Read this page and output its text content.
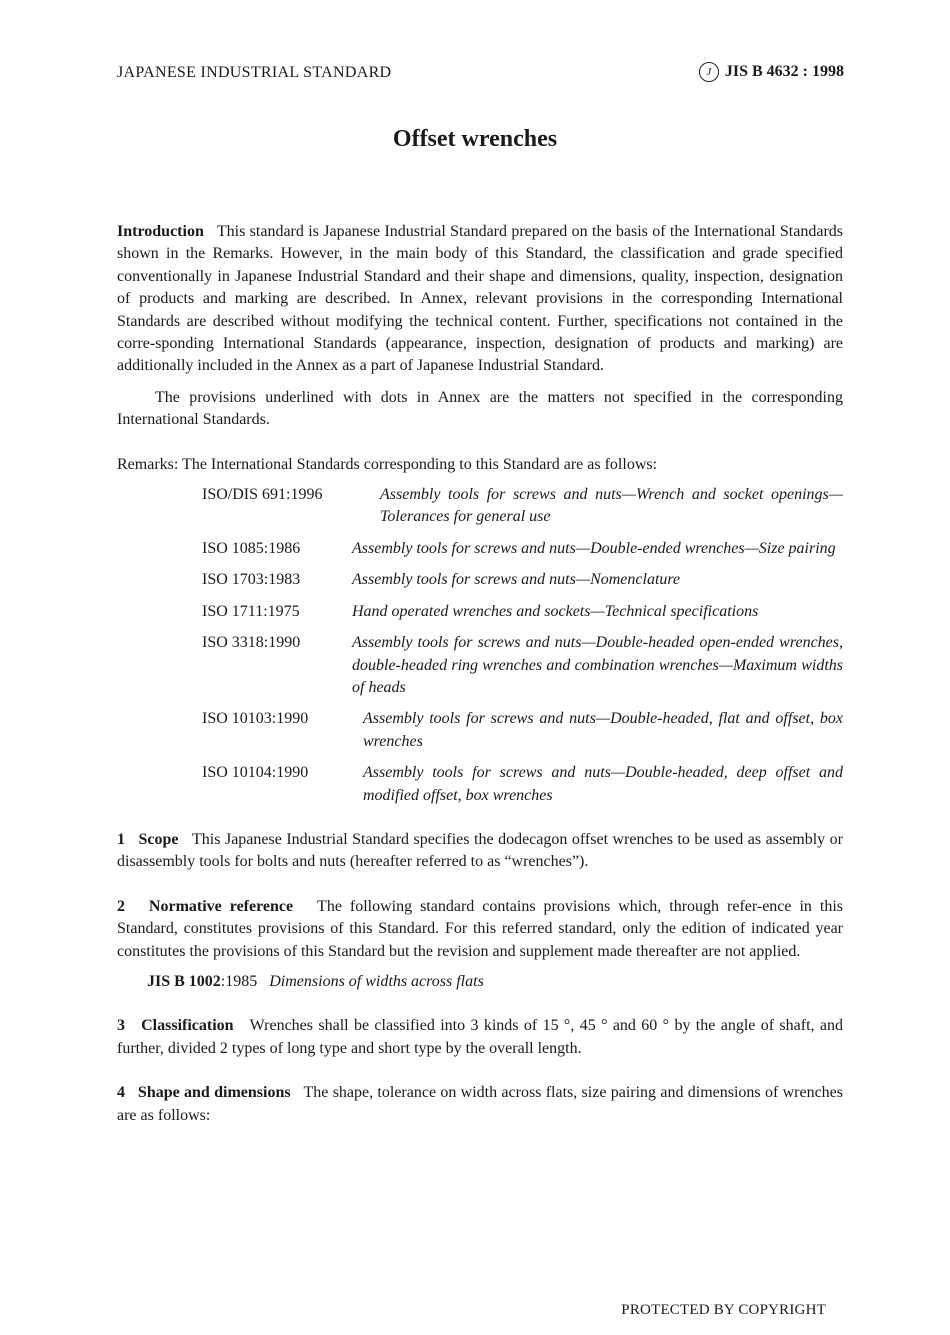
JAPANESE INDUSTRIAL STANDARD	J JIS B 4632 : 1998
Offset wrenches

Introduction This standard is Japanese Industrial Standard prepared on the basis of the International Standards shown in the Remarks. However, in the main body of this Standard, the classification and grade specified conventionally in Japanese Industrial Standard and their shape and dimensions, quality, inspection, designation of products and marking are described. In Annex, relevant provisions in the corresponding International Standards are described without modifying the technical content. Further, specifications not contained in the corre-sponding International Standards (appearance, inspection, designation of products and marking) are additionally included in the Annex as a part of Japanese Industrial Standard.

The provisions underlined with dots in Annex are the matters not specified in the corresponding International Standards.

Remarks: The International Standards corresponding to this Standard are as follows:

ISO/DIS 691:1996	Assembly tools for screws and nuts—Wrench and socket openings—Tolerances for general use
ISO 1085:1986	Assembly tools for screws and nuts—Double-ended wrenches—Size pairing
ISO 1703:1983	Assembly tools for screws and nuts—Nomenclature
ISO 1711:1975	Hand operated wrenches and sockets—Technical specifications
ISO 3318:1990	Assembly tools for screws and nuts—Double-headed open-ended wrenches, double-headed ring wrenches and combination wrenches—Maximum widths of heads
ISO 10103:1990	Assembly tools for screws and nuts—Double-headed, flat and offset, box wrenches
ISO 10104:1990	Assembly tools for screws and nuts—Double-headed, deep offset and modified offset, box wrenches

1 Scope This Japanese Industrial Standard specifies the dodecagon offset wrenches to be used as assembly or disassembly tools for bolts and nuts (hereafter referred to as “wrenches”).

2 Normative reference The following standard contains provisions which, through refer-ence in this Standard, constitutes provisions of this Standard. For this referred standard, only the edition of indicated year constitutes the provisions of this Standard but the revision and supplement made thereafter are not applied.

JIS B 1002:1985 Dimensions of widths across flats

3 Classification Wrenches shall be classified into 3 kinds of 15 °, 45 ° and 60 ° by the angle of shaft, and further, divided 2 types of long type and short type by the overall length.

4 Shape and dimensions The shape, tolerance on width across flats, size pairing and dimensions of wrenches are as follows:

PROTECTED BY COPYRIGHT
